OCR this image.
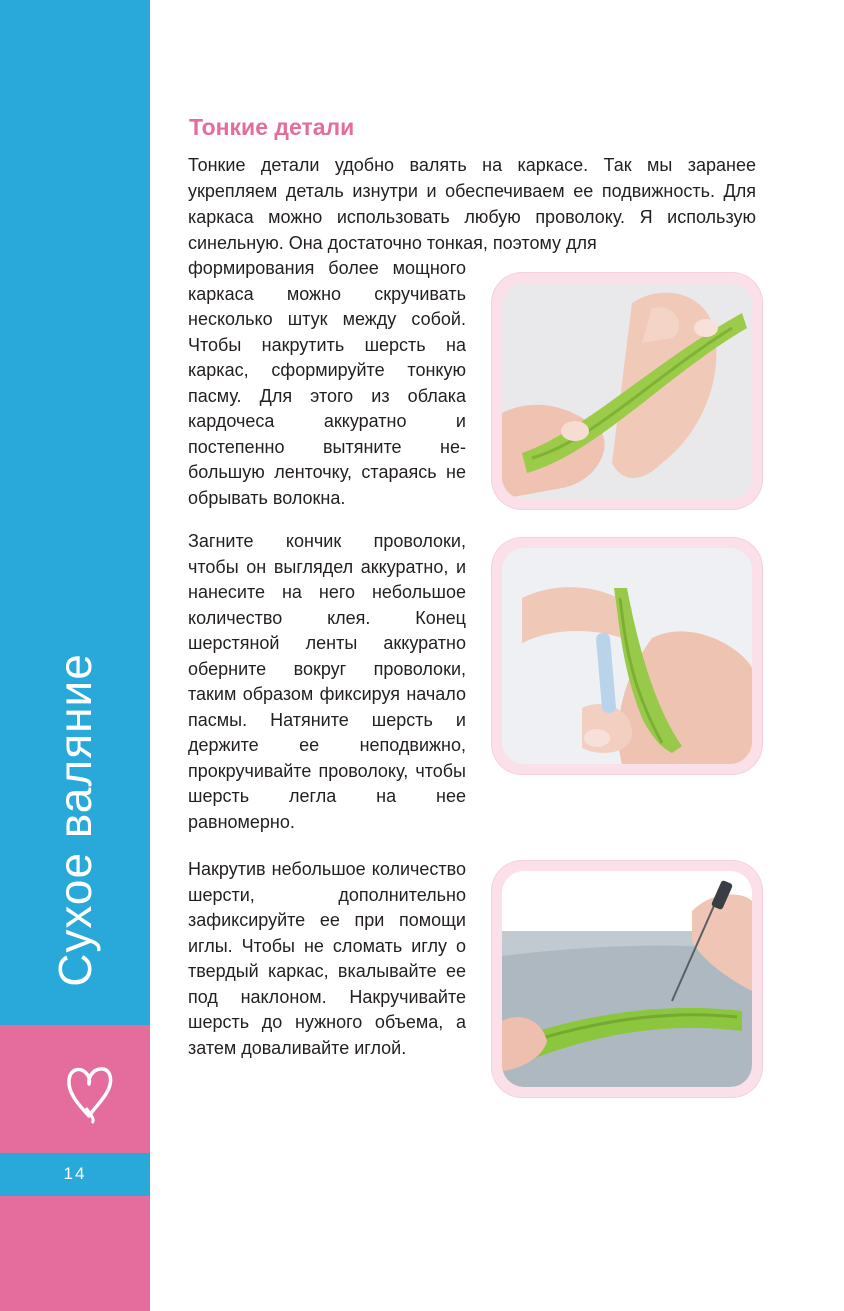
Сухое валяние
14
Тонкие детали

Тонкие детали удобно валять на каркасе. Так мы заранее укрепляем деталь изнутри и обеспечиваем ее подвижность. Для каркаса можно использовать любую проволоку. Я использую синельную. Она достаточно тонкая, поэтому для

формирования более мощного каркаса можно скручивать несколько штук между собой. Чтобы накрутить шерсть на каркас, сформируйте тонкую пасму. Для этого из облака кардочеса аккуратно и постепенно вытяните небольшую ленточку, стараясь не обрывать волокна.

Загните кончик проволоки, чтобы он выглядел аккуратно, и нанесите на него небольшое количество клея. Конец шерстяной ленты аккуратно оберните вокруг проволоки, таким образом фиксируя начало пасмы. Натяните шерсть и держите ее неподвижно, прокручивайте проволоку, чтобы шерсть легла на нее равномерно.

Накрутив небольшое количество шерсти, дополнительно зафиксируйте ее при помощи иглы. Чтобы не сломать иглу о твердый каркас, вкалывайте ее под наклоном. Накручивайте шерсть до нужного объема, а затем доваливайте иглой.
